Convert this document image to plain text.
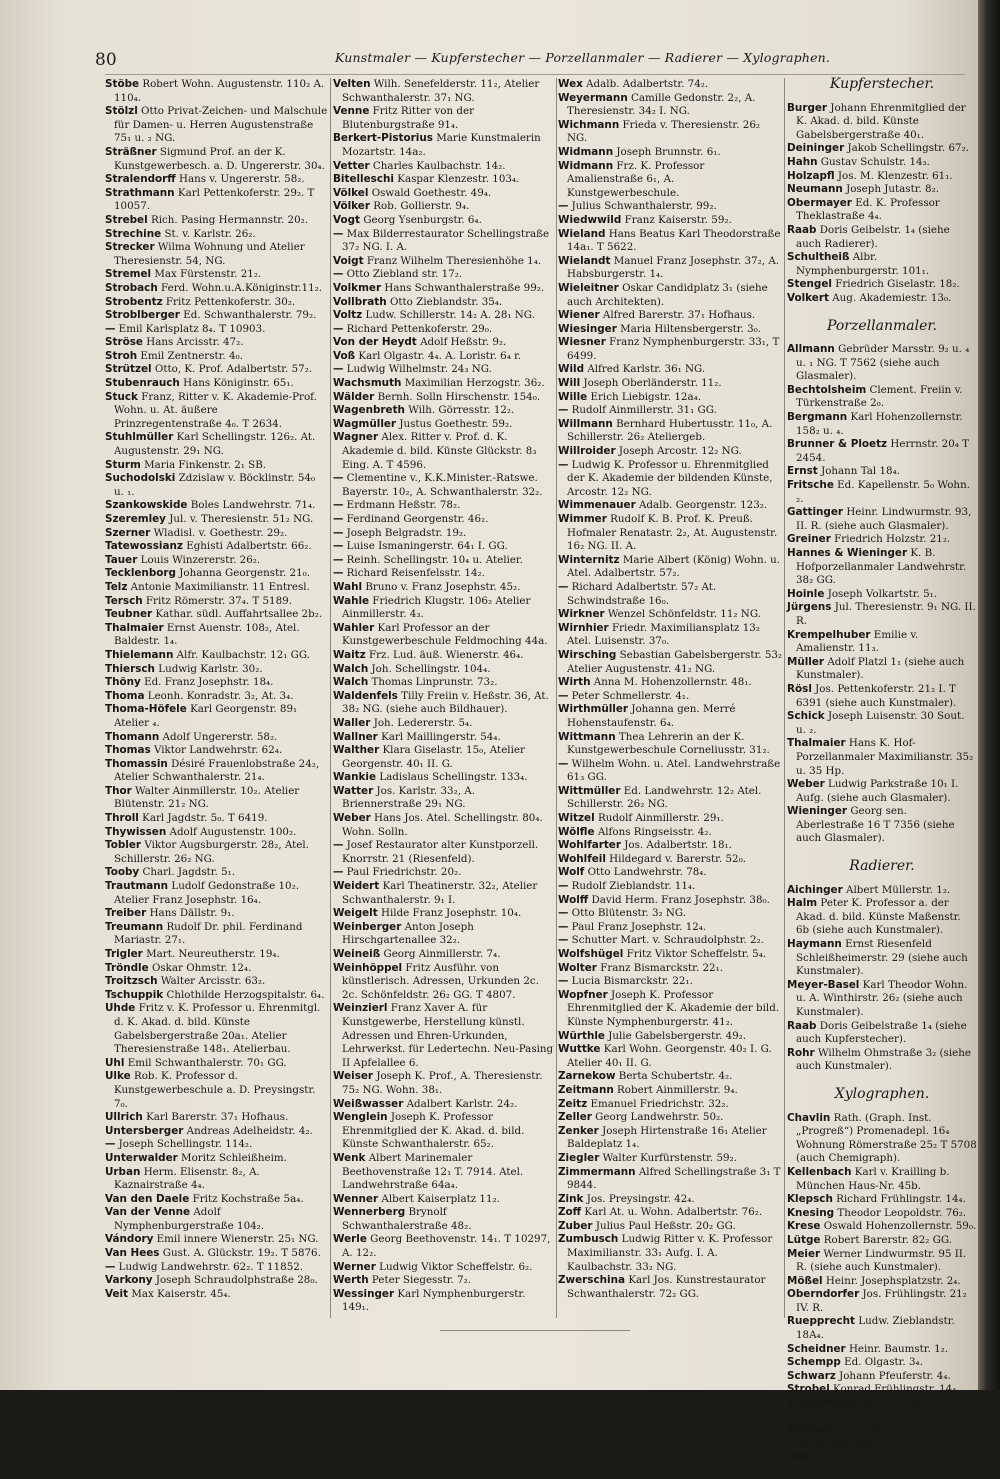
80	Kunstmaler — Kupferstecher — Porzellanmaler — Radierer — Xylographen.

Stöbe Robert Wohn. Augustenstr. 110₂ A. 110₄.

Stölzl Otto Privat-Zeichen- und Malschule für Damen- u. Herren Augustenstraße 75₁ u. ₂ NG.

Sträßner Sigmund Prof. an der K. Kunstgewerbesch. a. D. Ungererstr. 30₄.

Stralendorff Hans v. Ungererstr. 58₂.

Strathmann Karl Pettenkoferstr. 29₂. T 10057.

Strebel Rich. Pasing Hermannstr. 20₂.

Strechine St. v. Karlstr. 26₂.

Strecker Wilma Wohnung und Atelier Theresienstr. 54, NG.

Stremel Max Fürstenstr. 21₂.

Strobach Ferd. Wohn.u.A.Königinstr.11₂.

Strobentz Fritz Pettenkoferstr. 30₂.

Stroblberger Ed. Schwanthalerstr. 79₂.

— Emil Karlsplatz 8₄. T 10903.

Ströse Hans Arcisstr. 47₂.

Stroh Emil Zentnerstr. 4₀.

Strützel Otto, K. Prof. Adalbertstr. 57₂.

Stubenrauch Hans Königinstr. 65₁.

Stuck Franz, Ritter v. K. Akademie-Prof. Wohn. u. At. äußere Prinzregentenstraße 4₀. T 2634.

Stuhlmüller Karl Schellingstr. 126₂. At. Augustenstr. 29₁ NG.

Sturm Maria Finkenstr. 2₁ SB.

Suchodolski Zdzislaw v. Böcklinstr. 54₀ u. ₁.

Szankowskide Boles Landwehrstr. 71₄.

Szeremley Jul. v. Theresienstr. 51₂ NG.

Szerner Wladisl. v. Goethestr. 29₂.

Tatewossianz Eghisti Adalbertstr. 66₂.

Tauer Louis Winzererstr. 26₂.

Tecklenborg Johanna Georgenstr. 21₀.

Telz Antonie Maximilianstr. 11 Entresl.

Tersch Fritz Römerstr. 37₄. T 5189.

Teubner Kathar. südl. Auffahrtsallee 2b₂.

Thalmaier Ernst Auenstr. 108₂, Atel. Baldestr. 1₄.

Thielemann Alfr. Kaulbachstr. 12₁ GG.

Thiersch Ludwig Karlstr. 30₂.

Thöny Ed. Franz Josephstr. 18₄.

Thoma Leonh. Konradstr. 3₂, At. 3₄.

Thoma-Höfele Karl Georgenstr. 89₁ Atelier ₄.

Thomann Adolf Ungererstr. 58₂.

Thomas Viktor Landwehrstr. 62₄.

Thomassin Désiré Frauenlobstraße 24₂, Atelier Schwanthalerstr. 21₄.

Thor Walter Ainmillerstr. 10₂. Atelier Blütenstr. 21₂ NG.

Throll Karl Jagdstr. 5₀. T 6419.

Thywissen Adolf Augustenstr. 100₂.

Tobler Viktor Augsburgerstr. 28₂, Atel. Schillerstr. 26₂ NG.

Tooby Charl. Jagdstr. 5₁.

Trautmann Ludolf Gedonstraße 10₂. Atelier Franz Josephstr. 16₄.

Treiber Hans Dällstr. 9₁.

Treumann Rudolf Dr. phil. Ferdinand Mariastr. 27₁.

Trigler Mart. Neureutherstr. 19₄.

Tröndle Oskar Ohmstr. 12₄.

Troitzsch Walter Arcisstr. 63₂.

Tschuppik Chlothilde Herzogspitalstr. 6₄.

Uhde Fritz v. K. Professor u. Ehrenmitgl. d. K. Akad. d. bild. Künste Gabelsbergerstraße 20a₁. Atelier Theresienstraße 148₁. Atelierbau.

Uhl Emil Schwanthalerstr. 70₁ GG.

Ulke Rob. K. Professor d. Kunstgewerbeschule a. D. Preysingstr. 7₀.

Ullrich Karl Barerstr. 37₁ Hofhaus.

Untersberger Andreas Adelheidstr. 4₂.

— Joseph Schellingstr. 114₂.

Unterwalder Moritz Schleißheim.

Urban Herm. Elisenstr. 8₂, A. Kaznairstraße 4₄.

Van den Daele Fritz Kochstraße 5a₄.

Van der Venne Adolf Nymphenburgerstraße 104₂.

Vándory Emil innere Wienerstr. 25₁ NG.

Van Hees Gust. A. Glückstr. 19₂. T 5876.

— Ludwig Landwehrstr. 62₂. T 11852.

Varkony Joseph Schraudolphstraße 28₀.

Veit Max Kaiserstr. 45₄.

Velten Wilh. Senefelderstr. 11₂, Atelier Schwanthalerstr. 37₁ NG.

Venne Fritz Ritter von der Blutenburgstraße 91₄.

Berkert-Pistorius Marie Kunstmalerin Mozartstr. 14a₂.

Vetter Charles Kaulbachstr. 14₂.

Bitelleschi Kaspar Klenzestr. 103₄.

Völkel Oswald Goethestr. 49₄.

Völker Rob. Gollierstr. 9₄.

Vogt Georg Ysenburgstr. 6₄.

— Max Bilderrestaurator Schellingstraße 37₂ NG. I. A.

Voigt Franz Wilhelm Theresienhöhe 1₄.

— Otto Ziebland str. 17₂.

Volkmer Hans Schwanthalerstraße 99₂.

Vollbrath Otto Zieblandstr. 35₄.

Voltz Ludw. Schillerstr. 14₂ A. 28₁ NG.

— Richard Pettenkoferstr. 29₀.

Von der Heydt Adolf Heßstr. 9₂.

Voß Karl Olgastr. 4₄. A. Loristr. 6₄ r.

— Ludwig Wilhelmstr. 24₃ NG.

Wachsmuth Maximilian Herzogstr. 36₂.

Wälder Bernh. Solln Hirschenstr. 154₀.

Wagenbreth Wilh. Görresstr. 12₂.

Wagmüller Justus Goethestr. 59₂.

Wagner Alex. Ritter v. Prof. d. K. Akademie d. bild. Künste Glückstr. 8₃ Eing. A. T 4596.

— Clementine v., K.K.Minister.-Ratswe. Bayerstr. 10₂, A. Schwanthalerstr. 32₂.

— Erdmann Heßstr. 78₂.

— Ferdinand Georgenstr. 46₂.

— Joseph Belgradstr. 19₂.

— Luise Ismaningerstr. 64₁ I. GG.

— Reinh. Schellingstr. 10₄ u. Atelier.

— Richard Reisenfelsstr. 14₂.

Wahl Bruno v. Franz Josephstr. 45₂.

Wahle Friedrich Klugstr. 106₂ Atelier Ainmillerstr. 4₃.

Wahler Karl Professor an der Kunstgewerbeschule Feldmoching 44a.

Waitz Frz. Lud. äuß. Wienerstr. 46₄.

Walch Joh. Schellingstr. 104₄.

Walch Thomas Linprunstr. 73₂.

Waldenfels Tilly Freiin v. Heßstr. 36, At. 38₂ NG. (siehe auch Bildhauer).

Waller Joh. Ledererstr. 5₄.

Wallner Karl Maillingerstr. 54₄.

Walther Klara Giselastr. 15₀, Atelier Georgenstr. 40₁ II. G.

Wankie Ladislaus Schellingstr. 133₄.

Watter Jos. Karlstr. 33₂, A. Briennerstraße 29₁ NG.

Weber Hans Jos. Atel. Schellingstr. 80₄. Wohn. Solln.

— Josef Restaurator alter Kunstporzell. Knorrstr. 21 (Riesenfeld).

— Paul Friedrichstr. 20₂.

Weidert Karl Theatinerstr. 32₂, Atelier Schwanthalerstr. 9₁ I.

Weigelt Hilde Franz Josephstr. 10₄.

Weinberger Anton Joseph Hirschgartenallee 32₂.

Weineiß Georg Ainmillerstr. 7₄.

Weinhöppel Fritz Ausführ. von künstlerisch. Adressen, Urkunden 2c. 2c. Schönfeldstr. 26₂ GG. T 4807.

Weinzierl Franz Xaver A. für Kunstgewerbe, Herstellung künstl. Adressen und Ehren-Urkunden, Lehrwerkst. für Ledertechn. Neu-Pasing II Apfelallee 6.

Weiser Joseph K. Prof., A. Theresienstr. 75₂ NG. Wohn. 38₁.

Weißwasser Adalbert Karlstr. 24₂.

Wenglein Joseph K. Professor Ehrenmitglied der K. Akad. d. bild. Künste Schwanthalerstr. 65₂.

Wenk Albert Marinemaler Beethovenstraße 12₁ T. 7914. Atel. Landwehrstraße 64a₄.

Wenner Albert Kaiserplatz 11₂.

Wennerberg Brynolf Schwanthalerstraße 48₂.

Werle Georg Beethovenstr. 14₁. T 10297, A. 12₂.

Werner Ludwig Viktor Scheffelstr. 6₂.

Werth Peter Siegesstr. 7₂.

Wessinger Karl Nymphenburgerstr. 149₁.

Wex Adalb. Adalbertstr. 74₂.

Weyermann Camille Gedonstr. 2₂, A. Theresienstr. 34₂ I. NG.

Wichmann Frieda v. Theresienstr. 26₂ NG.

Widmann Joseph Brunnstr. 6₁.

Widmann Frz. K. Professor Amalienstraße 6₁, A. Kunstgewerbeschule.

— Julius Schwanthalerstr. 99₂.

Wiedwwild Franz Kaiserstr. 59₂.

Wieland Hans Beatus Karl Theodorstraße 14a₁. T 5622.

Wielandt Manuel Franz Josephstr. 37₂, A. Habsburgerstr. 1₄.

Wieleitner Oskar Candidplatz 3₁ (siehe auch Architekten).

Wiener Alfred Barerstr. 37₁ Hofhaus.

Wiesinger Maria Hiltensbergerstr. 3₀.

Wiesner Franz Nymphenburgerstr. 33₁, T 6499.

Wild Alfred Karlstr. 36₁ NG.

Will Joseph Oberländerstr. 11₂.

Wille Erich Liebigstr. 12a₄.

— Rudolf Ainmillerstr. 31₁ GG.

Willmann Bernhard Hubertusstr. 11₀, A. Schillerstr. 26₂ Ateliergeb.

Willroider Joseph Arcostr. 12₂ NG.

— Ludwig K. Professor u. Ehrenmitglied der K. Akademie der bildenden Künste, Arcostr. 12₂ NG.

Wimmenauer Adalb. Georgenstr. 123₂.

Wimmer Rudolf K. B. Prof. K. Preuß. Hofmaler Renatastr. 2₂, At. Augustenstr. 16₂ NG. II. A.

Winternitz Marie Albert (König) Wohn. u. Atel. Adalbertstr. 57₂.

— Richard Adalbertstr. 57₂ At. Schwindstraße 16₀.

Wirkner Wenzel Schönfeldstr. 11₂ NG.

Wirnhier Friedr. Maximiliansplatz 13₂ Atel. Luisenstr. 37₀.

Wirsching Sebastian Gabelsbergerstr. 53₂ Atelier Augustenstr. 41₂ NG.

Wirth Anna M. Hohenzollernstr. 48₁.

— Peter Schmellerstr. 4₁.

Wirthmüller Johanna gen. Merré Hohenstaufenstr. 6₄.

Wittmann Thea Lehrerin an der K. Kunstgewerbeschule Corneliusstr. 31₂.

— Wilhelm Wohn. u. Atel. Landwehrstraße 61₃ GG.

Wittmüller Ed. Landwehrstr. 12₂ Atel. Schillerstr. 26₂ NG.

Witzel Rudolf Ainmillerstr. 29₁.

Wölfle Alfons Ringseisstr. 4₂.

Wohlfarter Jos. Adalbertstr. 18₁.

Wohlfeil Hildegard v. Barerstr. 52₀.

Wolf Otto Landwehrstr. 78₄.

— Rudolf Zieblandstr. 11₄.

Wolff David Herm. Franz Josephstr. 38₀.

— Otto Blütenstr. 3₂ NG.

— Paul Franz Josephstr. 12₄.

— Schutter Mart. v. Schraudolphstr. 2₂.

Wolfshügel Fritz Viktor Scheffelstr. 5₄.

Wolter Franz Bismarckstr. 22₁.

— Lucia Bismarckstr. 22₁.

Wopfner Joseph K. Professor Ehrenmitglied der K. Akademie der bild. Künste Nymphenburgerstr. 41₂.

Würthle Julie Gabelsbergerstr. 49₂.

Wuttke Karl Wohn. Georgenstr. 40₂ I. G. Atelier 40₁ II. G.

Zarnekow Berta Schubertstr. 4₂.

Zeitmann Robert Ainmillerstr. 9₄.

Zeitz Emanuel Friedrichstr. 32₂.

Zeller Georg Landwehrstr. 50₂.

Zenker Joseph Hirtenstraße 16₁ Atelier Baldeplatz 1₄.

Ziegler Walter Kurfürstenstr. 59₂.

Zimmermann Alfred Schellingstraße 3₁ T 9844.

Zink Jos. Preysingstr. 42₄.

Zoff Karl At. u. Wohn. Adalbertstr. 76₂.

Zuber Julius Paul Heßstr. 20₂ GG.

Zumbusch Ludwig Ritter v. K. Professor Maximilianstr. 33₁ Aufg. I. A. Kaulbachstr. 33₂ NG.

Zwerschina Karl Jos. Kunstrestaurator Schwanthalerstr. 72₂ GG.

Kupferstecher.

Burger Johann Ehrenmitglied der K. Akad. d. bild. Künste Gabelsbergerstraße 40₁.

Deininger Jakob Schellingstr. 67₂.

Hahn Gustav Schulstr. 14₃.

Holzapfl Jos. M. Klenzestr. 61₁.

Neumann Joseph Jutastr. 8₂.

Obermayer Ed. K. Professor Theklastraße 4₄.

Raab Doris Geibelstr. 1₄ (siehe auch Radierer).

Schultheiß Albr. Nymphenburgerstr. 101₁.

Stengel Friedrich Giselastr. 18₂.

Volkert Aug. Akademiestr. 13₀.

Porzellanmaler.

Allmann Gebrüder Marsstr. 9₂ u. ₄ u. ₁ NG. T 7562 (siehe auch Glasmaler).

Bechtolsheim Clement. Freiin v. Türkenstraße 2₀.

Bergmann Karl Hohenzollernstr. 158₂ u. ₄.

Brunner & Ploetz Herrnstr. 20₄ T 2454.

Ernst Johann Tal 18₄.

Fritsche Ed. Kapellenstr. 5₀ Wohn. ₂.

Gattinger Heinr. Lindwurmstr. 93, II. R. (siehe auch Glasmaler).

Greiner Friedrich Holzstr. 21₂.

Hannes & Wieninger K. B. Hofporzellanmaler Landwehrstr. 38₂ GG.

Hoinle Joseph Volkartstr. 5₁.

Jürgens Jul. Theresienstr. 9₁ NG. II. R.

Krempelhuber Emilie v. Amalienstr. 11₃.

Müller Adolf Platzl 1₁ (siehe auch Kunstmaler).

Rösl Jos. Pettenkoferstr. 21₂ I. T 6391 (siehe auch Kunstmaler).

Schick Joseph Luisenstr. 30 Sout. u. ₂.

Thalmaier Hans K. Hof-Porzellanmaler Maximilianstr. 35₂ u. 35 Hp.

Weber Ludwig Parkstraße 10₁ I. Aufg. (siehe auch Glasmaler).

Wieninger Georg sen. Aberlestraße 16 T 7356 (siehe auch Glasmaler).

Radierer.

Aichinger Albert Müllerstr. 1₂.

Halm Peter K. Professor a. der Akad. d. bild. Künste Maßenstr. 6b (siehe auch Kunstmaler).

Haymann Ernst Riesenfeld Schleißheimerstr. 29 (siehe auch Kunstmaler).

Meyer-Basel Karl Theodor Wohn. u. A. Winthirstr. 26₂ (siehe auch Kunstmaler).

Raab Doris Geibelstraße 1₄ (siehe auch Kupferstecher).

Rohr Wilhelm Ohmstraße 3₂ (siehe auch Kunstmaler).

Xylographen.

Chavlin Rath. (Graph. Inst. „Progreß“) Promenadepl. 16₄ Wohnung Römerstraße 25₂ T 5708 (auch Chemigraph).

Kellenbach Karl v. Krailling b. München Haus-Nr. 45b.

Klepsch Richard Frühlingstr. 14₄.

Knesing Theodor Leopoldstr. 76₂.

Krese Oswald Hohenzollernstr. 59₀.

Lütge Robert Barerstr. 82₂ GG.

Meier Werner Lindwurmstr. 95 II. R. (siehe auch Kunstmaler).

Mößel Heinr. Josephsplatzstr. 2₄.

Oberndorfer Jos. Frühlingstr. 21₂ IV. R.

Ruepprecht Ludw. Zieblandstr. 18A₄.

Scheidner Heinr. Baumstr. 1₂.

Schempp Ed. Olgastr. 3₄.

Schwarz Johann Pfeuferstr. 4₄.

Strobel Konrad Frühlingstr. 14₄.

Theuerkorn Paul Claude-Lorrainstr. 13₂.

Weßtein Gottl. Wohn. u. A. Schellingstraße 113₁.

Wolf Hans K. Prof. Schellingstr. 137₂.
